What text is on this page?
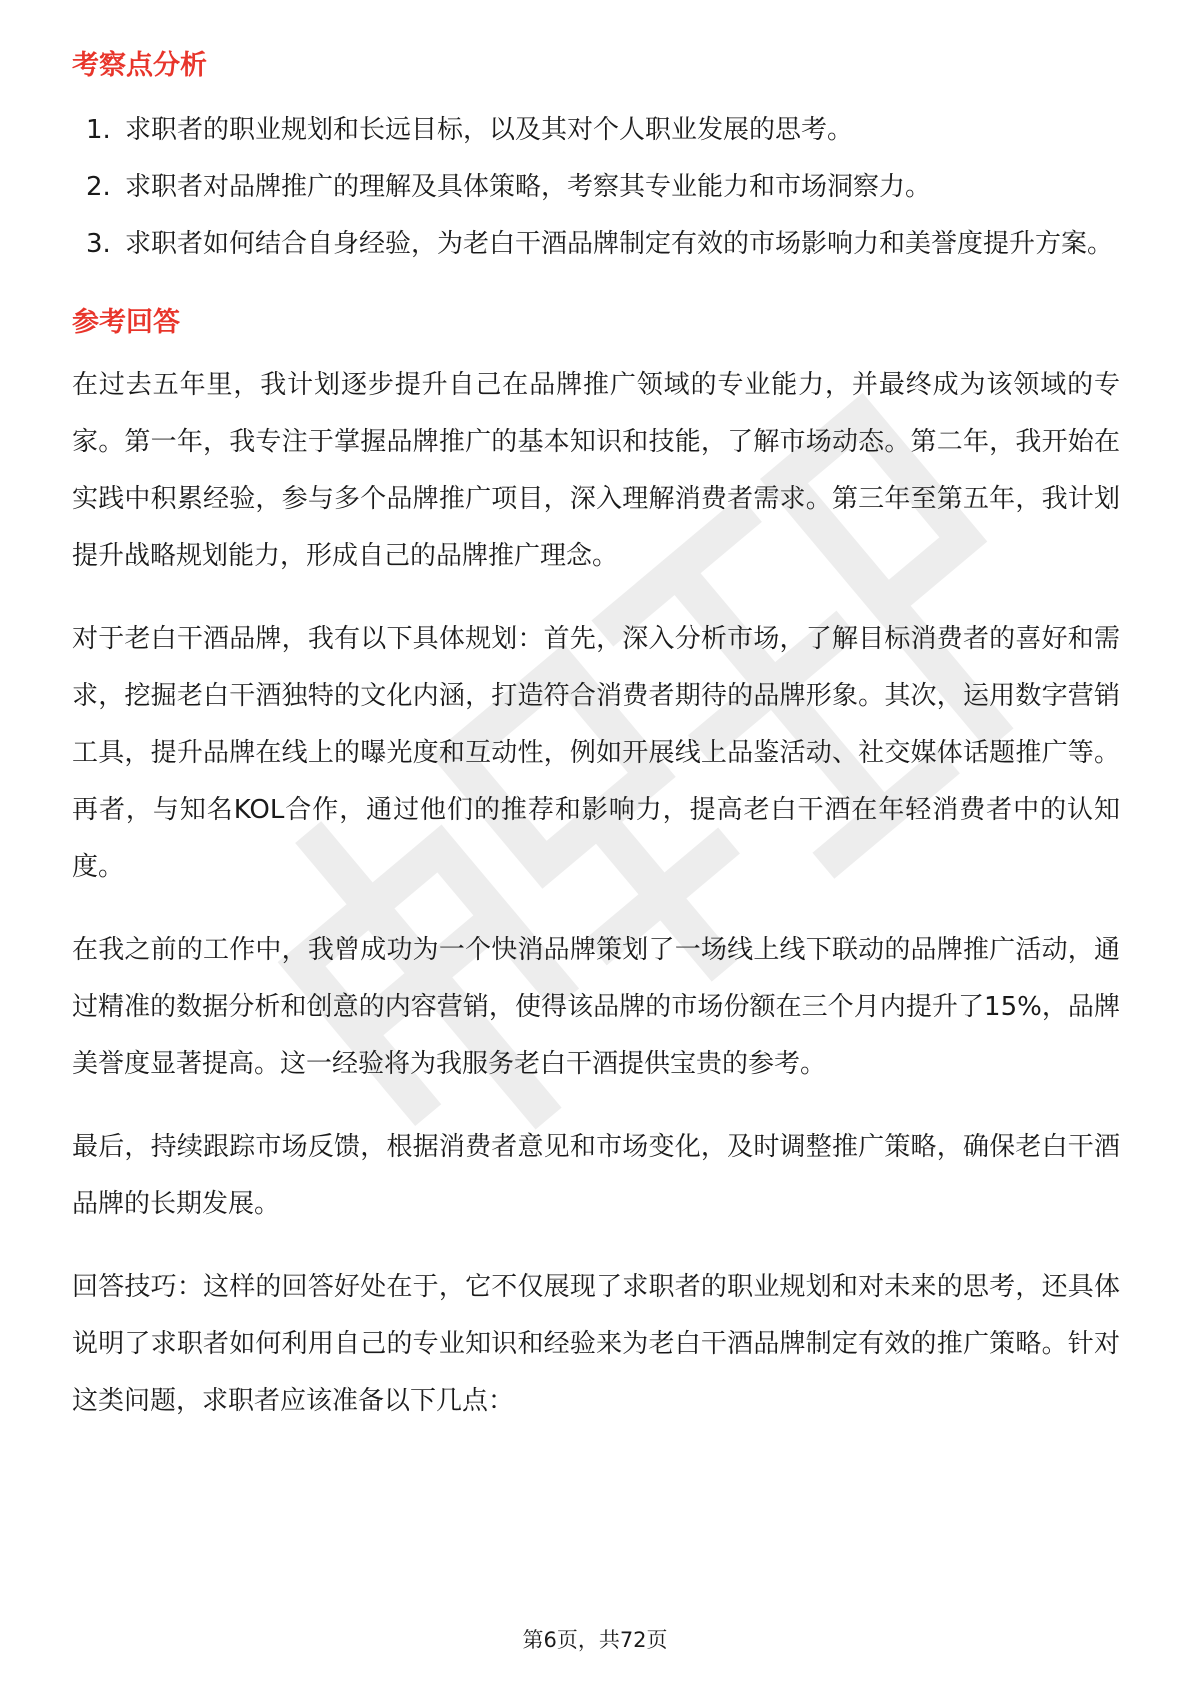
考察点分析
1. 求职者的职业规划和长远目标，以及其对个人职业发展的思考。
2. 求职者对品牌推广的理解及具体策略，考察其专业能力和市场洞察力。
3. 求职者如何结合自身经验，为老白干酒品牌制定有效的市场影响力和美誉度提升方案。
参考回答

在过去五年里，我计划逐步提升自己在品牌推广领域的专业能力，并最终成为该领域的专家。第一年，我专注于掌握品牌推广的基本知识和技能，了解市场动态。第二年，我开始在实践中积累经验，参与多个品牌推广项目，深入理解消费者需求。第三年至第五年，我计划提升战略规划能力，形成自己的品牌推广理念。

对于老白干酒品牌，我有以下具体规划：首先，深入分析市场，了解目标消费者的喜好和需求，挖掘老白干酒独特的文化内涵，打造符合消费者期待的品牌形象。其次，运用数字营销工具，提升品牌在线上的曝光度和互动性，例如开展线上品鉴活动、社交媒体话题推广等。再者，与知名KOL合作，通过他们的推荐和影响力，提高老白干酒在年轻消费者中的认知度。

在我之前的工作中，我曾成功为一个快消品牌策划了一场线上线下联动的品牌推广活动，通过精准的数据分析和创意的内容营销，使得该品牌的市场份额在三个月内提升了15%，品牌美誉度显著提高。这一经验将为我服务老白干酒提供宝贵的参考。

最后，持续跟踪市场反馈，根据消费者意见和市场变化，及时调整推广策略，确保老白干酒品牌的长期发展。

回答技巧：这样的回答好处在于，它不仅展现了求职者的职业规划和对未来的思考，还具体说明了求职者如何利用自己的专业知识和经验来为老白干酒品牌制定有效的推广策略。针对这类问题，求职者应该准备以下几点：

第6页，共72页
